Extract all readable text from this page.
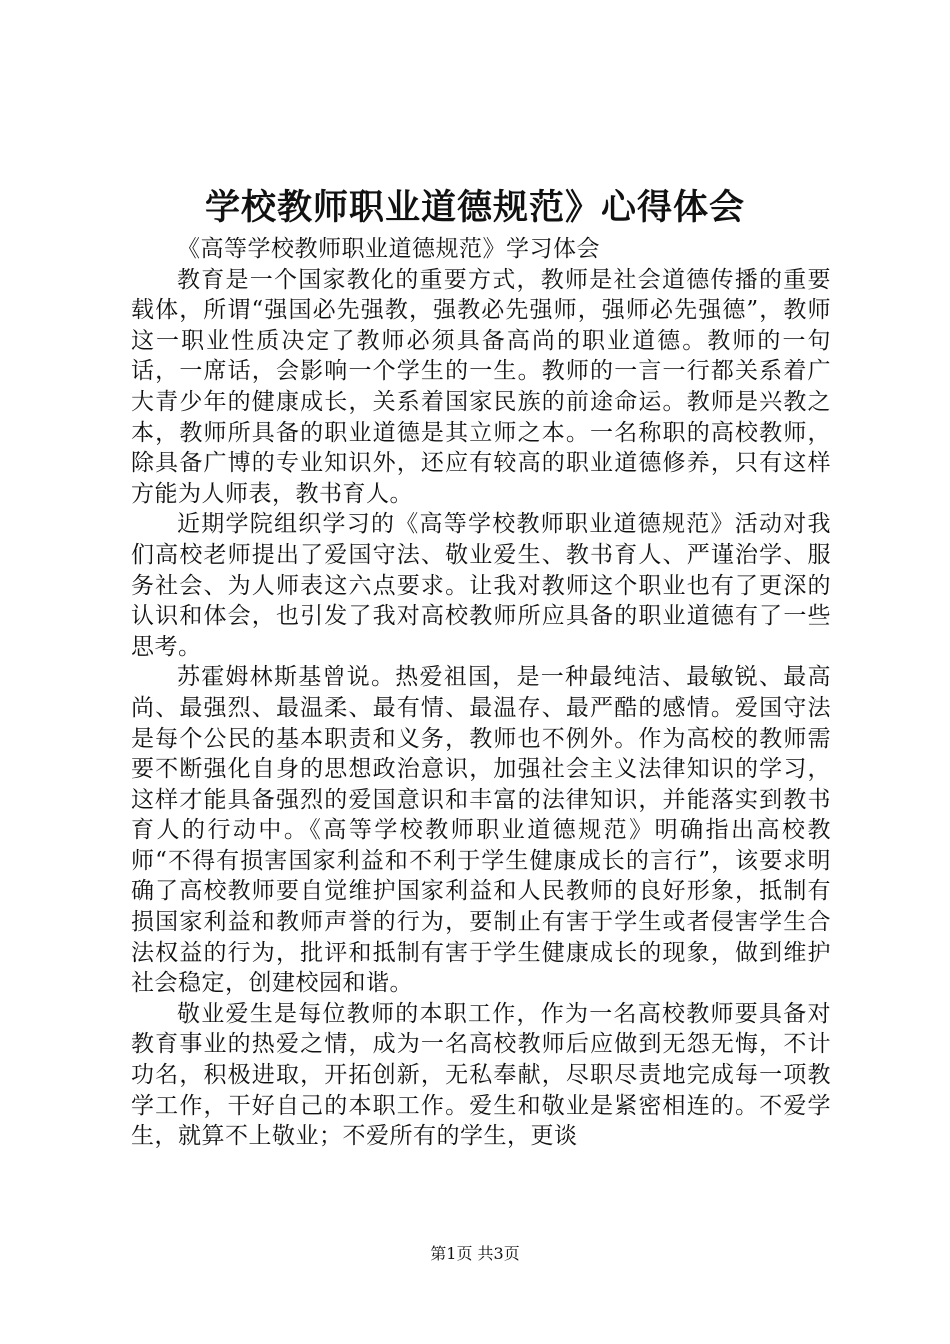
学校教师职业道德规范》心得体会

《高等学校教师职业道德规范》学习体会

教育是一个国家教化的重要方式，教师是社会道德传播的重要载体，所谓“强国必先强教，强教必先强师，强师必先强德”，教师这一职业性质决定了教师必须具备高尚的职业道德。教师的一句话，一席话，会影响一个学生的一生。教师的一言一行都关系着广大青少年的健康成长，关系着国家民族的前途命运。教师是兴教之本，教师所具备的职业道德是其立师之本。一名称职的高校教师，除具备广博的专业知识外，还应有较高的职业道德修养，只有这样方能为人师表，教书育人。

近期学院组织学习的《高等学校教师职业道德规范》活动对我们高校老师提出了爱国守法、敬业爱生、教书育人、严谨治学、服务社会、为人师表这六点要求。让我对教师这个职业也有了更深的认识和体会，也引发了我对高校教师所应具备的职业道德有了一些思考。

苏霍姆林斯基曾说。热爱祖国，是一种最纯洁、最敏锐、最高尚、最强烈、最温柔、最有情、最温存、最严酷的感情。爱国守法是每个公民的基本职责和义务，教师也不例外。作为高校的教师需要不断强化自身的思想政治意识，加强社会主义法律知识的学习，这样才能具备强烈的爱国意识和丰富的法律知识，并能落实到教书育人的行动中。《高等学校教师职业道德规范》明确指出高校教师“不得有损害国家利益和不利于学生健康成长的言行”，该要求明确了高校教师要自觉维护国家利益和人民教师的良好形象，抵制有损国家利益和教师声誉的行为，要制止有害于学生或者侵害学生合法权益的行为，批评和抵制有害于学生健康成长的现象，做到维护社会稳定，创建校园和谐。

敬业爱生是每位教师的本职工作，作为一名高校教师要具备对教育事业的热爱之情，成为一名高校教师后应做到无怨无悔，不计功名，积极进取，开拓创新，无私奉献，尽职尽责地完成每一项教学工作，干好自己的本职工作。爱生和敬业是紧密相连的。不爱学生，就算不上敬业；不爱所有的学生，更谈

第1页 共3页
